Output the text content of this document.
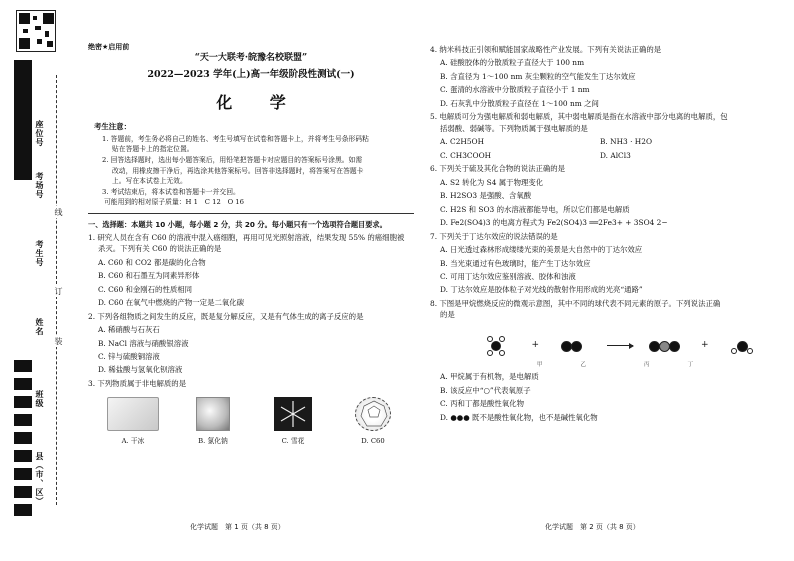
座位号
考场号
考生号
姓名
班级
县（市、区）
线
订
装
绝密★启用前
“天一大联考·皖豫名校联盟”
2022—2023 学年(上)高一年级阶段性测试(一)
化 学
考生注意：
1. 答题前，考生务必将自己的姓名、考生号填写在试卷和答题卡上，并将考生号条形码粘
贴在答题卡上的指定位置。
2. 回答选择题时，选出每小题答案后，用铅笔把答题卡对应题目的答案标号涂黑。如需
改动，用橡皮擦干净后，再选涂其他答案标号。回答非选择题时，将答案写在答题卡
上。写在本试卷上无效。
3. 考试结束后，将本试卷和答题卡一并交回。
可能用到的相对原子质量：H 1　C 12　O 16
一、选择题：本题共 10 小题，每小题 2 分，共 20 分。每小题只有一个选项符合题目要求。
1. 研究人员在含有 C60 的溶液中混入癌细胞，再用可见光照射溶液，结果发现 55% 的癌细胞被
杀灭。下列有关 C60 的说法正确的是
A. C60 和 CO2 都是碳的化合物
B. C60 和石墨互为同素异形体
C. C60 和金刚石的性质相同
D. C60 在氧气中燃烧的产物一定是二氧化碳
2. 下列各组物质之间发生的反应，既是复分解反应，又是有气体生成的离子反应的是
A. 稀硝酸与石灰石
B. NaCl 溶液与硝酸银溶液
C. 锌与硫酸铜溶液
D. 稀盐酸与氢氧化钡溶液
3. 下列物质属于非电解质的是
A. 干冰	B. 氯化钠	C. 雪花	D. C60
4. 纳米科技正引领和赋能国家战略性产业发展。下列有关说法正确的是
A. 硅酸胶体的分散质粒子直径大于 100 nm
B. 含直径为 1～100 nm 灰尘颗粒的空气能发生丁达尔效应
C. 蛋清的水溶液中分散质粒子直径小于 1 nm
D. 石灰乳中分散质粒子直径在 1～100 nm 之间
5. 电解质可分为强电解质和弱电解质，其中弱电解质是指在水溶液中部分电离的电解质，包
括弱酸、弱碱等。下列物质属于强电解质的是
A. C2H5OH	B. NH3 · H2O
C. CH3COOH	D. AlCl3
6. 下列关于硫及其化合物的说法正确的是
A. S2 转化为 S4 属于物理变化
B. H2SO3 是强酸、含氧酸
C. H2S 和 SO3 的水溶液都能导电，所以它们都是电解质
D. Fe2(SO4)3 的电离方程式为 Fe2(SO4)3 ══2Fe3+ + 3SO4 2−
7. 下列关于丁达尔效应的说法错误的是
A. 日光透过森林形成缕缕光束的美景是大自然中的丁达尔效应
B. 当光束通过有色玻璃时，能产生丁达尔效应
C. 可用丁达尔效应鉴别溶液、胶体和浊液
D. 丁达尔效应是胶体粒子对光线的散射作用形成的光亮“通路”
8. 下图是甲烷燃烧反应的微观示意图，其中不同的球代表不同元素的原子。下列说法正确
的是
+	+
甲	乙	丙	丁
A. 甲烷属于有机物，是电解质
B. 该反应中“○”代表氧原子
C. 丙和丁都是酸性氧化物
D. ●●● 既不是酸性氧化物，也不是碱性氧化物
化学试题　第 1 页（共 8 页）	化学试题　第 2 页（共 8 页）
